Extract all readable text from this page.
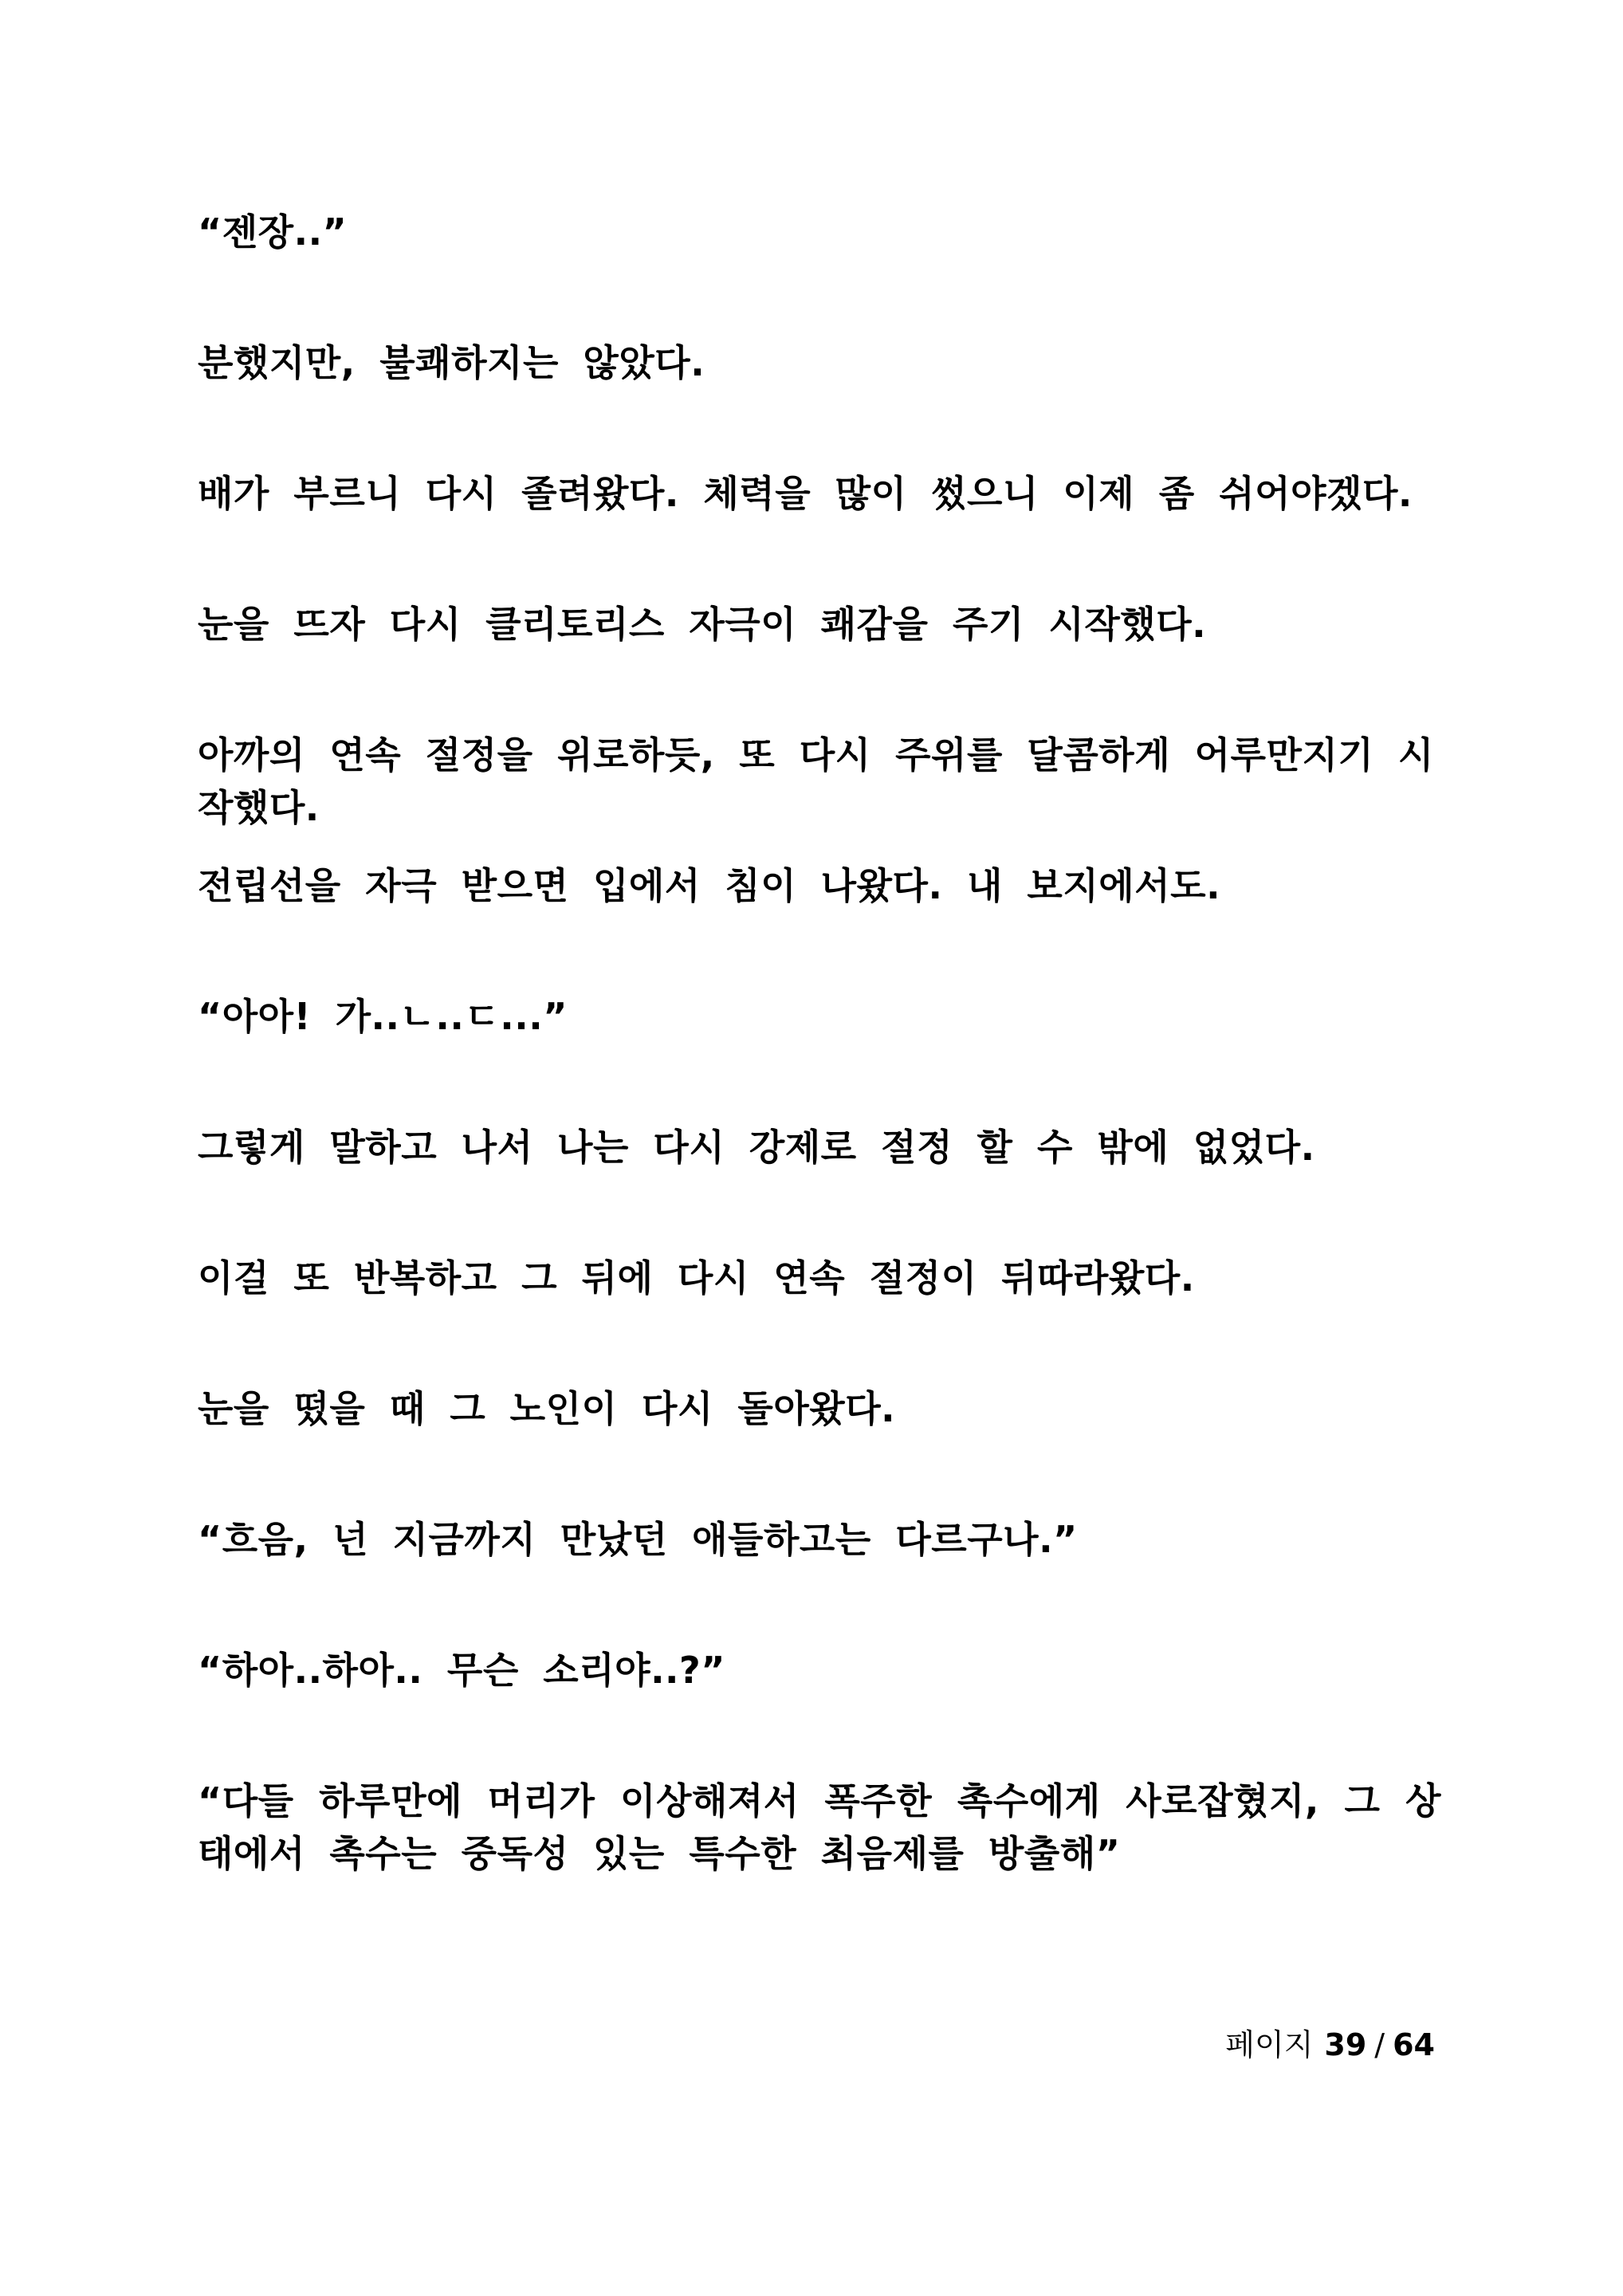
“젠장..”

분했지만, 불쾌하지는 않았다.

배가 부르니 다시 졸려왔다. 체력을 많이 썼으니 이제 좀 쉬어야겠다.

눈을 뜨자 다시 클리토리스 자극이 쾌감을 주기 시작했다.

아까의 연속 절정을 위로하듯, 또 다시 주위를 달콤하게 어루만지기 시작했다.

전립선을 자극 받으면 입에서 침이 나왔다. 내 보지에서도.

“아아! 가..ㄴ..ㄷ...”

그렇게 말하고 나서 나는 다시 강제로 절정 할 수 밖에 없었다.

이걸 또 반복하고 그 뒤에 다시 연속 절정이 뒤따라왔다.

눈을 떴을 때 그 노인이 다시 돌아왔다.

“흐음, 넌 지금까지 만났던 애들하고는 다르구나.”

“하아..하아.. 무슨 소리야..?”

“다들 하루만에 머리가 이상해져서 폭주한 촉수에게 사로잡혔지, 그 상태에서 촉수는 중독성 있는 특수한 최음제를 방출해”

페이지 39 / 64
